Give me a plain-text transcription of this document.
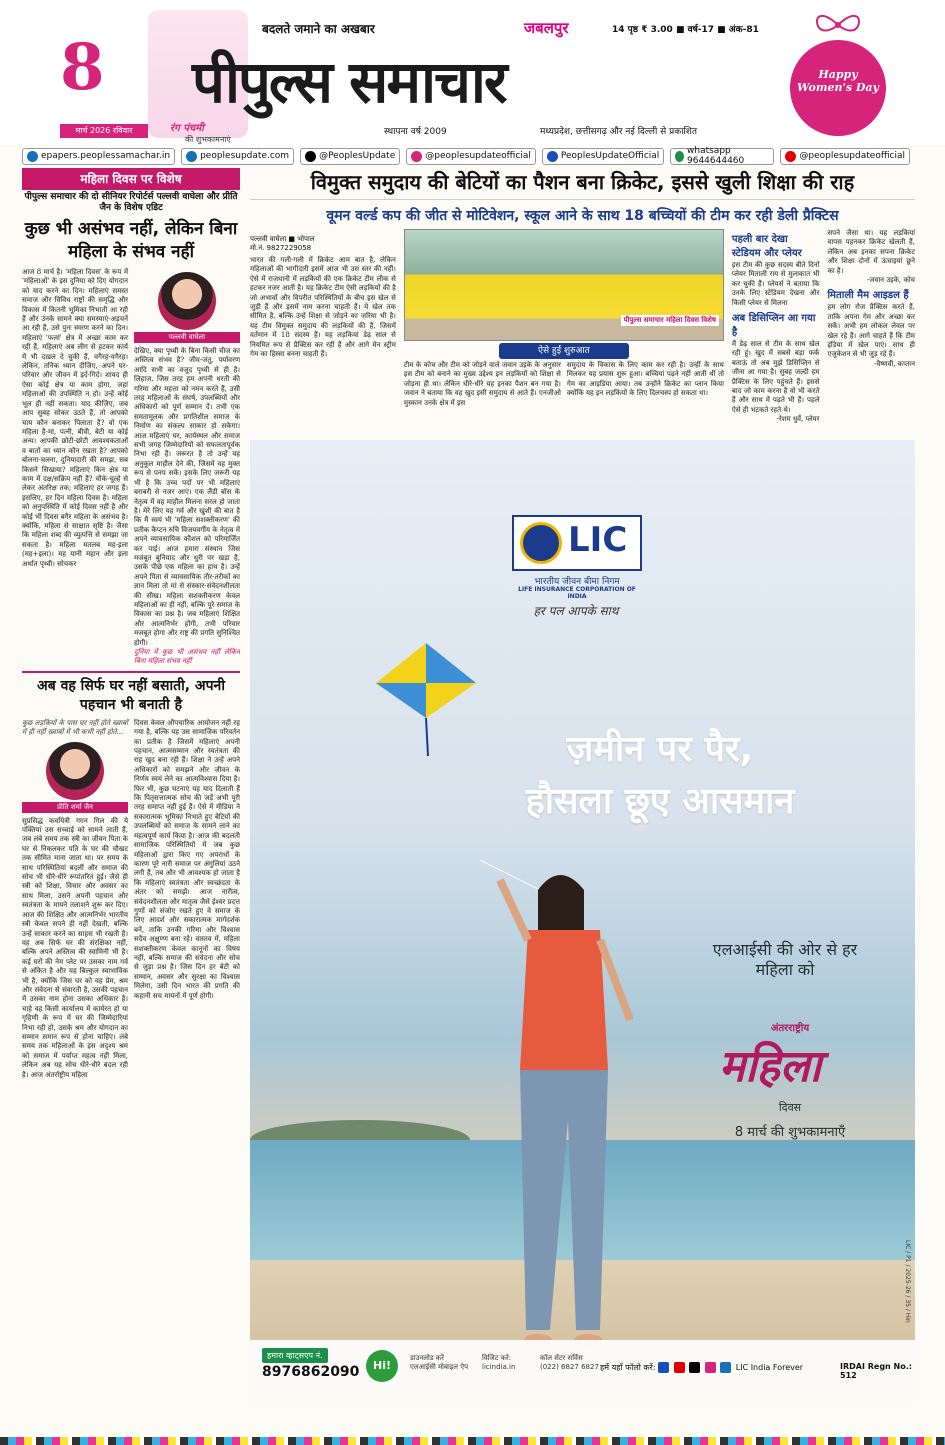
8
मार्च 2026 रविवार	रंग पंचमी
की शुभकामनाएं
बदलते जमाने का अखबार
पीपुल्स समाचार
स्थापना वर्ष 2009
जबलपुर	14 पृष्ठ ₹ 3.00 ■ वर्ष-17 ■ अंक-81
मध्यप्रदेश, छत्तीसगढ़ और नई दिल्ली से प्रकाशित
Happy Women's Day
epapers.peoplessamachar.in	peoplesupdate.com	@PeoplesUpdate	@peoplesupdateofficial	PeoplesUpdateOfficial	whatsapp 9644644460	@peoplesupdateofficial
महिला दिवस पर विशेष
पीपुल्स समाचार की दो सीनियर रिपोर्टर्स पल्लवी वाघेला और प्रीति जैन के विशेष एडिट
कुछ भी असंभव नहीं, लेकिन बिना महिला के संभव नहीं
आज 8 मार्च है। 'महिला दिवस' के रूप में 'महिलाओं' के इस दुनिया को दिए योगदान को याद करने का दिन। महिलाएं समस्त समाज और विविध राष्ट्रों की समृद्धि और विकास में कितनी भूमिका निभाती आ रही हैं और उनके सामने क्या समस्याएं-अड़चनें आ रही हैं, उसे पुनः स्मरण करने का दिन। महिलाएं 'फलां' क्षेत्र में अच्छा काम कर रही हैं, महिलाएं अब लीग से हटकर कार्य में भी दख़ल दे चुकी हैं, वगैरह-वगैरह। लेकिन, तनिक ध्यान दीजिए, अपने घर-परिवार और जीवन में इर्द-गिर्द। शायद ही ऐसा कोई क्षेत्र या काम होगा, जहां महिलाओं की उपस्थिति न हो। उन्हें कोई भूल ही नहीं सकता। याद कीजिए, जब आप सुबह सोकर उठते हैं, तो आपको चाय कौन बनाकर पिलाता है? वो एक महिला है-मां, पत्नी, बीवी, बेटी या कोई अन्य। आपकी छोटी-छोटी आवश्यकताओं व बातों का ध्यान कौन रखता है? आपको बोलना-चलना, दुनियादारी की समझ, सब किसने सिखाया? महिलाएं किन क्षेत्र या काम में दक्ष/सक्रिय नहीं हैं? चौके-चूल्हे से लेकर अंतरिक्ष तक; महिलाएं हर जगह हैं। इसलिए, हर दिन महिला दिवस है। महिला को अनुपस्थिति में कोई दिवस नहीं है और कोई भी दिवस बगैर महिला के असंभव है। क्योंकि, महिला से साक्षात सृष्टि है। जैसा कि महिला शब्द की व्युत्पत्ति से समझा जा सकता है। महिला मतलब मह-इला (मह+इला)। मह यानी महान और इला अर्थात पृथ्वी। सोचकर
पल्लवी वाघेला
देखिए, क्या पृथ्वी के बिना किसी चीज का अस्तित्व संभव है? जीव-जंतु, पर्यावरण आदि सभी का वजूद पृथ्वी से ही है। लिहाज, जिस तरह हम अपनी धरती की गरिमा और महत्ता को नमन करते हैं, उसी तरह महिलाओं के संघर्ष, उपलब्धियों और अधिकारों को पूर्ण सम्मान दें। तभी एक समतामूलक और प्रगतिशील समाज के निर्माण का संकल्प साकार हो सकेगा। आज महिलाएं घर, कार्यस्थल और समाज सभी जगह जिम्मेदारियों को सफलतापूर्वक निभा रही हैं। जरूरत है तो उन्हें वह अनुकूल माहौल देने की, जिसमें वह मुक्त रूप से पनप सकें। इसके लिए जरूरी यह भी है कि उच्च पदों पर भी महिलाएं बराबरी से नजर आएं। एक लैंडी बॉस के नेतृत्व में वह माहौल मिलना सरल हो जाता है। मेरे लिए यह गर्व और खुशी की बात है कि मैं स्वयं भी 'महिला सशक्तीकरण' की प्रतीक कैप्टन रुचि विजयवर्गीय के नेतृत्व में अपने व्यावसायिक कौशल को परिमार्जित कर पाई। आज हमारा संस्थान जिस मजबूत बुनियाद और धुरी पर खड़ा है, उसके पीछे एक महिला का हाथ है। उन्हें अपने पिता से व्यावसायिक तौर-तरीकों का ज्ञान मिला तो मां से संस्कार-संवेदनशीलता की सीख। महिला सशक्तीकरण केवल महिलाओं का ही नहीं, बल्कि पूरे समाज के विकास का प्रश्न है। जब महिलाएं शिक्षित और आत्मनिर्भर होंगी, तभी परिवार मजबूत होगा और राष्ट्र की प्रगति सुनिश्चित होगी।
दुनिया में कुछ भी असंभव नहीं लेकिन बिना महिला संभव नहीं
अब वह सिर्फ घर नहीं बसाती, अपनी पहचान भी बनाती है
कुछ लड़कियों के पास घर नहीं होते ख्वाबों में ही नहीं ख्वाबों में भी कभी नहीं होते...
प्रीति शर्मा जैन
सुप्रसिद्ध कवयित्री गगन गिल की ये पंक्तियां उस सच्चाई को सामने लाती हैं, जब लंबे समय तक स्त्री का जीवन पिता के घर से निकलकर पति के घर की चौखट तक सीमित माना जाता था। पर समय के साथ परिस्थितियां बदलीं और समाज की सोच भी धीरे-धीरे रूपांतरित हुई। जैसे ही स्त्री को शिक्षा, विचार और अवसर का साथ मिला, उसने अपनी पहचान और स्वतंत्रता के मायने तलाशने शुरू कर दिए। आज की शिक्षित और आत्मनिर्भर भारतीय स्त्री केवल सपने ही नहीं देखती, बल्कि उन्हें साकार करने का साहस भी रखती है। वह अब सिर्फ घर की संरक्षिका नहीं, बल्कि अपने अस्तित्व की स्वामिनी भी है। कई घरों की नेम प्लेट पर उसका नाम गर्व से अंकित है और यह बिल्कुल स्वाभाविक भी है, क्योंकि जिस घर को वह प्रेम, श्रम और संवेदना से संवारती है, उसकी पहचान में उसका नाम होना उसका अधिकार है। चाहे वह किसी कार्यालय में कार्यरत हो या गृहिणी के रूप में घर की जिम्मेदारियां निभा रही हो, उसके श्रम और योगदान का सम्मान समान रूप से होना चाहिए। लंबे समय तक महिलाओं के इस अदृश्य श्रम को समाज में पर्याप्त महत्व नहीं मिला, लेकिन अब यह सोच धीरे-धीरे बदल रही है। आज अंतर्राष्ट्रीय महिला
दिवस केवल औपचारिक आयोजन नहीं रह गया है, बल्कि यह उस सामाजिक परिवर्तन का प्रतीक है जिसमें महिलाएं अपनी पहचान, आत्मसम्मान और स्वतंत्रता की राह खुद बना रही हैं। शिक्षा ने उन्हें अपने अधिकारों को समझने और जीवन के निर्णय स्वयं लेने का आत्मविश्वास दिया है। फिर भी, कुछ घटनाएं यह याद दिलाती हैं कि पितृसत्तात्मक सोच की जड़ें अभी पूरी तरह समाप्त नहीं हुई हैं। ऐसे में मीडिया ने सकारात्मक भूमिका निभाते हुए बेटियों की उपलब्धियों को समाज के सामने लाने का महत्वपूर्ण कार्य किया है। आज की बदलती सामाजिक परिस्थितियों में जब कुछ महिलाओं द्वारा किए गए अपराधों के कारण पूरे नारी समाज पर अंगुलियां उठने लगी हैं, तब और भी आवश्यक हो जाता है कि महिलाएं स्वतंत्रता और स्वच्छंदता के अंतर को समझें। आज नारीत्व, संवेदनशीलता और मातृत्व जैसे ईश्वर प्रदत्त गुणों को संजोए रखते हुए वे समाज के लिए आदर्श और सकारात्मक मार्गदर्शक बनें, ताकि उनकी गरिमा और विश्वास सदैव अक्षुण्ण बना रहे। वास्तव में, महिला सशक्तीकरण केवल कानूनों का विषय नहीं, बल्कि समाज की संवेदना और सोच से जुड़ा प्रश्न है। जिस दिन हर बेटी को सम्मान, अवसर और सुरक्षा का विश्वास मिलेगा, उसी दिन भारत की प्रगति की कहानी सच मायनों में पूर्ण होगी।
विमुक्त समुदाय की बेटियों का पैशन बना क्रिकेट, इससे खुली शिक्षा की राह
वूमन वर्ल्ड कप की जीत से मोटिवेशन, स्कूल आने के साथ 18 बच्चियों की टीम कर रही डेली प्रैक्टिस
पल्लवी वाघेला ■ भोपाल
मो.नं. 9827229058
भारत की गली-गली में क्रिकेट आम बात है, लेकिन महिलाओं की भागीदारी इसमें आज भी उस स्तर की नहीं। ऐसे में राजधानी में लड़कियों की एक क्रिकेट टीम लीक से हटकर नजर आती है। यह क्रिकेट टीम ऐसी लड़कियों की है जो अभावों और विपरीत परिस्थितियों के बीच इस खेल से जुड़ी हैं और इसमें नाम करना चाहती हैं। ये खेल तक सीमित है, बल्कि उन्हें शिक्षा से जोड़ने का जरिया भी है। यह टीम विमुक्त समुदाय की लड़कियों की है, जिसमें वर्तमान में 18 सदस्य हैं। यह लड़कियां डेढ़ साल से नियमित रूप से प्रैक्टिस कर रही हैं और आगे मेन स्ट्रीम गेम का हिस्सा बनना चाहती हैं।
पीपुल्स समाचार महिला दिवस विशेष
ऐसे हुई शुरुआत
टीम के कोच और टीम को जोड़ने वाले जवान उइके के अनुसार इस टीम को बनाने का मुख्य उद्देश्य इन लड़कियों को शिक्षा से जोड़ना ही था। लेकिन धीरे-धीरे यह इनका पैशन बन गया है। जवान ने बताया कि वह खुद इसी समुदाय से आते हैं। एनजीओ मुस्कान उनके क्षेत्र में इस
समुदाय के विकास के लिए काम कर रही है। उन्हीं के साथ मिलकर यह प्रयास शुरू हुआ। बच्चियां पढ़ने नहीं आती थीं तो गेम का आइडिया आया। तब उन्होंने क्रिकेट का प्लान किया क्योंकि यह इन लड़कियों के लिए दिलचस्प हो सकता था।
पहली बार देखा स्टेडियम और प्लेयर
इस टीम की कुछ सदस्य बीते दिनों प्लेयर मिताली राय से मुलाकात भी कर चुकी हैं। प्लेयर्स ने बताया कि उनके लिए स्टेडियम देखना और किसी प्लेयर से मिलना
अब डिसिप्लिन आ गया है
मैं डेढ़ साल से टीम के साथ खेल रही हूं। खुद में सबसे बड़ा फर्क बताऊं तो अब मुझे डिसिप्लिन से जीना आ गया है। सुबह जल्दी हम प्रैक्टिस के लिए पहुंचते हैं। इससे बाद जो काम करना है वो भी करते हैं और साथ में पढ़ते भी हैं। पहले ऐसे ही भटकते रहते थे।
-रेशम धुर्वे, प्लेयर
सपने जैसा था। यह लड़कियां वापस पहनकर क्रिकेट खेलती हैं, लेकिन अब इनका सपना क्रिकेट और शिक्षा दोनों में ऊंचाइयां छूने का है।
-जवान उइके, कोच
मिताली मैम आइडल हैं
हम लोग रोज प्रैक्टिस करते हैं, ताकि अपना गेम और अच्छा कर सकें। अभी हम लोकल लेवल पर खेल रहे हैं। आगे चाहते हैं कि टीम इंडिया में खेल पाएं। साथ ही एजुकेशन से भी जुड़ रहे हैं।
-वैष्णवी, कप्तान
LIC
भारतीय जीवन बीमा निगम
LIFE INSURANCE CORPORATION OF INDIA
हर पल आपके साथ
ज़मीन पर पैर,
हौसला छूए आसमान
एलआईसी की ओर से हर महिला को
अंतरराष्ट्रीय
महिला
दिवस
8 मार्च की शुभकामनाएँ
LIC / P1 / 2025-26 / 35 / Hin
हमारा व्हाट्सएप नं.
8976862090	Hi!
डाउनलोड करें एलआईसी मोबाइल ऐप
विजिट करें: licindia.in
कॉल सेंटर सर्विस (022) 6827 6827 हमें यहाँ फॉलो करें:	LIC India Forever	IRDAI Regn No.: 512
